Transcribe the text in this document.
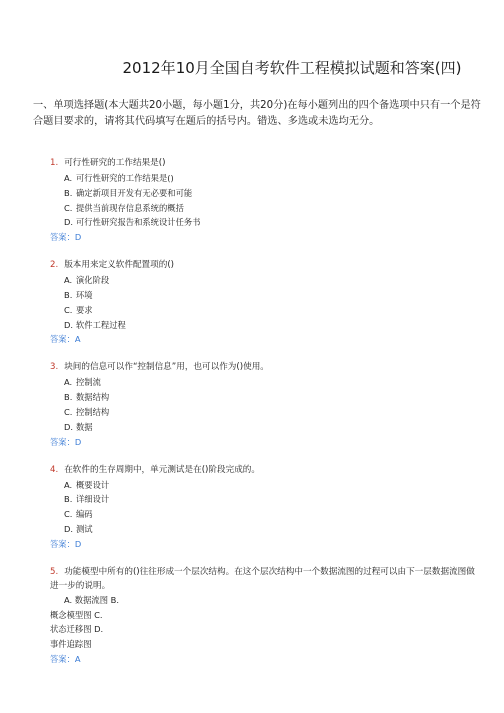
2012年10月全国自考软件工程模拟试题和答案(四)
一、单项选择题(本大题共20小题，每小题1分，共20分)在每小题列出的四个备选项中只有一个是符合题目要求的，请将其代码填写在题后的括号内。错选、多选或未选均无分。
1. 可行性研究的工作结果是()
A. 可行性研究的工作结果是()
B. 确定新项目开发有无必要和可能
C. 提供当前现存信息系统的概括
D. 可行性研究报告和系统设计任务书
答案：D
2. 版本用来定义软件配置项的()
A. 演化阶段
B. 环境
C. 要求
D. 软件工程过程
答案：A
3. 块间的信息可以作“控制信息”用，也可以作为()使用。
A. 控制流
B. 数据结构
C. 控制结构
D. 数据
答案：D
4. 在软件的生存周期中，单元测试是在()阶段完成的。
A. 概要设计
B. 详细设计
C. 编码
D. 测试
答案：D
5. 功能模型中所有的()往往形成一个层次结构。在这个层次结构中一个数据流图的过程可以由下一层数据流图做进一步的说明。
A. 数据流图 B.
概念模型图 C.
状态迁移图 D.
事件追踪图
答案：A
